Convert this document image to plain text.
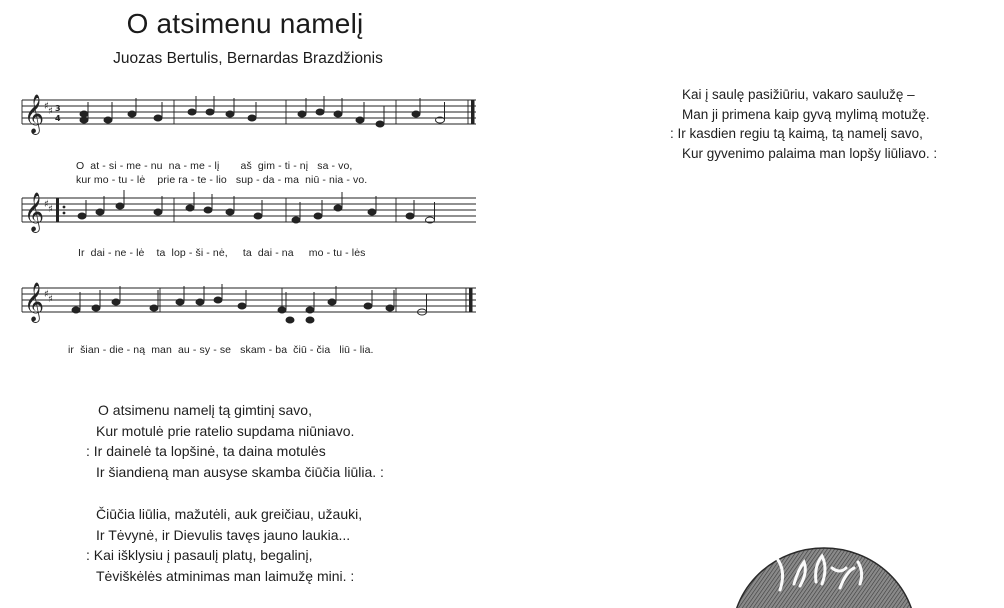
O atsimenu namelį
Juozas Bertulis, Bernardas Brazdžionis
𝄞 ♯ ♯ 3
4
O  at - si - me - nu  na - me - lį       aš  gim - ti - nį   sa - vo,
kur mo - tu - lė    prie ra - te - lio   sup - da - ma  niū - nia - vo.
𝄞 ♯ ♯
Ir  dai - ne - lė    ta  lop - ši - nė,     ta  dai - na     mo - tu - lės
𝄞 ♯ ♯
ir  šian - die - ną  man  au - sy - se   skam - ba  čiū - čia   liū - lia.
O atsimenu namelį tą gimtinį savo,
Kur motulė prie ratelio supdama niūniavo.
: Ir dainelė ta lopšinė, ta daina motulės
Ir šiandieną man ausyse skamba čiūčia liūlia. :
Čiūčia liūlia, mažutėli, auk greičiau, užauki,
Ir Tėvynė, ir Dievulis tavęs jauno laukia...
: Kai išklysiu į pasaulį platų, begalinį,
Tėviškėlės atminimas man laimužę mini. :
Kai į saulę pasižiūriu, vakaro saulužę –
Man ji primena kaip gyvą mylimą motužę.
: Ir kasdien regiu tą kaimą, tą namelį savo,
Kur gyvenimo palaima man lopšy liūliavo. :
